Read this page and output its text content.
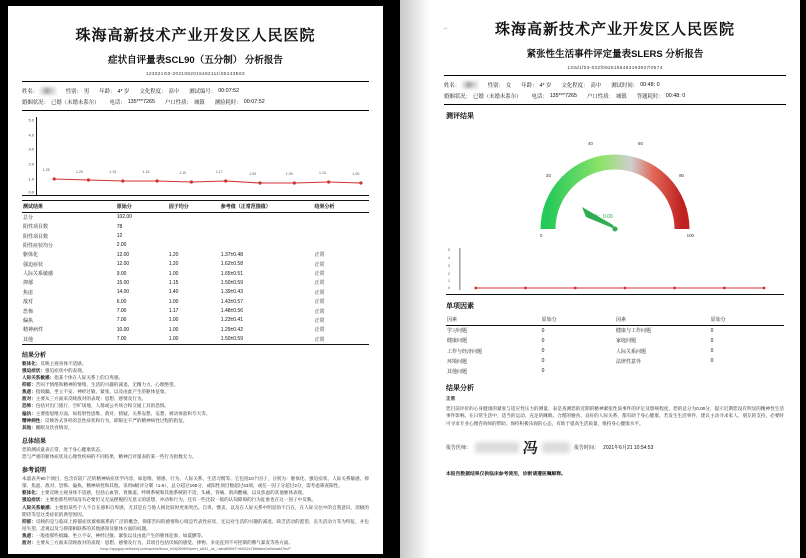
珠海高新技术产业开发区人民医院
症状自评量表SCL90（五分制） 分析报告
123021G0-2021062015462111\05243E63
姓名：	陈*	性别： 男 年龄： 4* 岁 文化程度： 高中 测试编号： 00:07:52
婚姻状况： 已婚（未婚未系尔） 电话： 135***7265 户口性质： 城镇 测验耗时： 00:07:52
5.0
4.0
3.0
2.0
1.0
0.0
1.25	1.20	1.15	1.15	1.10	1.17	1.00	1.00	1.10	1.00
测试结果	原始分	因子均分	参考值（正常范围值）	结果分析
总分	102.00			
阳性项目数	78			
阴性项目数	12			
阳性症状均分	2.00			
躯体化	12.00	1.20	1.37±0.48	正常
强迫症状	12.00	1.20	1.62±0.58	正常
人际关系敏感	9.00	1.00	1.65±0.51	正常
抑郁	15.00	1.15	1.50±0.59	正常
焦虑	14.00	1.40	1.39±0.43	正常
敌对	6.00	1.00	1.43±0.57	正常
恐怖	7.00	1.17	1.48±0.56	正常
偏执	7.00	1.00	1.23±0.41	正常
精神病性	10.00	1.00	1.29±0.42	正常
其他	7.00	1.00	1.50±0.59	正常
结果分析
躯体化：反映主观身体不适感。
强迫症状：强迫症状中的表现。
人际关系敏感：指某个体在人际关系上的自卑感。
抑郁：苦闷于情绪和精神的情绪，生活的兴趣的减退、无精力力、心理绝望。
焦虑：指烦躁、坐立不安、神经过敏、紧张，以及由此产生的躯体征象。
敌对：主要从三方面来反映敌对的表现：思想、感情及行为。
恐怖：包括对出门旅行、空旷场地、人群或公共场合和交通工具的恐惧。
偏执：主要指思维方面，如投射性思维、敌对、猜疑、关系妄想、妄想、被动体验和夸大等。
精神病性：反映各式各样的急性症状和行为，即限定不严的精神病性过程的指征。
其他：睡眠及饮食情况。
总体结果
您的测试量表正常，处于身心健康状态。
您与严重的躯体症状及心理性疾病的不同结果，精神自评量表的某一些行为指数无力。
参考说明
本量表共90个项目，包含有较广泛的精神病症状学内容，如思维、情感、行为、人际关系、生活习惯等。它包括10个因子，分别为：躯体化、强迫症状、人际关系敏感、抑郁、焦虑、敌对、恐怖、偏执、精神病性和其他。采用5级评分制（1-5），总分超过160分，或阳性项目数超过43项，或任一因子分超过2分，需考虑筛查阳性。
躯体化：主要反映主观身体不适感，包括心血管、胃肠道、呼吸系统和其他系统的不适，头痛、背痛、肌肉酸痛，以及焦虑的其他躯体表现。
强迫症状：主要指那些明知没有必要但又无法摆脱的无意义的思想、冲动和行为，还有一些比较一般的认知障碍的行为征象也在这一因子中反映。
人际关系敏感：主要指某些个人不自在感和自卑感，尤其是在与他人相比较时更加突出。自卑、懊丧，以及在人际关系中明显的不自在，在人际交往中的自我意识，消极的期待等是这类症状的典型原因。
抑郁：反映的是与临床上抑郁症状群相联系的广泛的概念。抑郁苦闷的感情和心境是代表性症状，还以对生活的兴趣的减退、缺乏活动的愿望、丧失活动力等为特征，并包括失望、悲观以及与抑郁相联系的其他感知及躯体方面的问题。
焦虑：一般指那些烦躁、坐立不安、神经过敏、紧张以及由此产生的躯体征象，如震颤等。
敌对：主要从三方面来反映敌对的表现：思想、感情及行为。其项目包括厌烦的感觉、摔物、争论直到不可控制的脾气暴发等各方面。
hxxp://appguy.net/wenj.com/sports/ferou_h04j269i00/perrt_all/11_ck_=atcd65967^xb542c768dabe0a5cbad47bcP
⌐	珠海高新技术产业开发区人民医院
紧张性生活事件评定量表SLERS 分析报告
133d1f03-032f0925155463193927l0574
姓名：	陈*	性别： 女 年龄： 4* 岁 文化程度： 高中 测试时间： 00:48: 0
婚姻状况： 已婚（未婚未系尔） 电话： 135***7265 户口性质： 城镇 答题耗时： 00:48: 0
测评结果
0	100
20
40	60
80
总分：0.00
5
4
3
2
1
0
单项因素
因素	原始分	因素	原始分
学习问题	0	健康与工作问题	0
健康问题	0	家庭问题	0
工作与经济问题	0	人际关系问题	0
环境问题	0	法律性意外	0
其他问题	0		
结果分析
正常
您目前评价的心身健康的紧张与适应性压力的测量。表是查测您的近期的精神紧张性质事件的评定及影响程度，您的总分为0.00分，提示近期您没有明显的精神性生活事件影响。在日常生活中，适当的运动、充足的睡眠、合理的膳食、良好的人际关系，都有助于身心健康。若发生生活事件，建议主动寻求家人、朋友的支持，必要时可寻求专业心理咨询师的帮助。保持积极乐观的心态，有助于提高生活质量，维持身心健康水平。
报告医师：	冯	报告时间： 2021年6月21 10:54:53
本报告数据结果仅供临床参考使用，诊断请遵医嘱解释。
